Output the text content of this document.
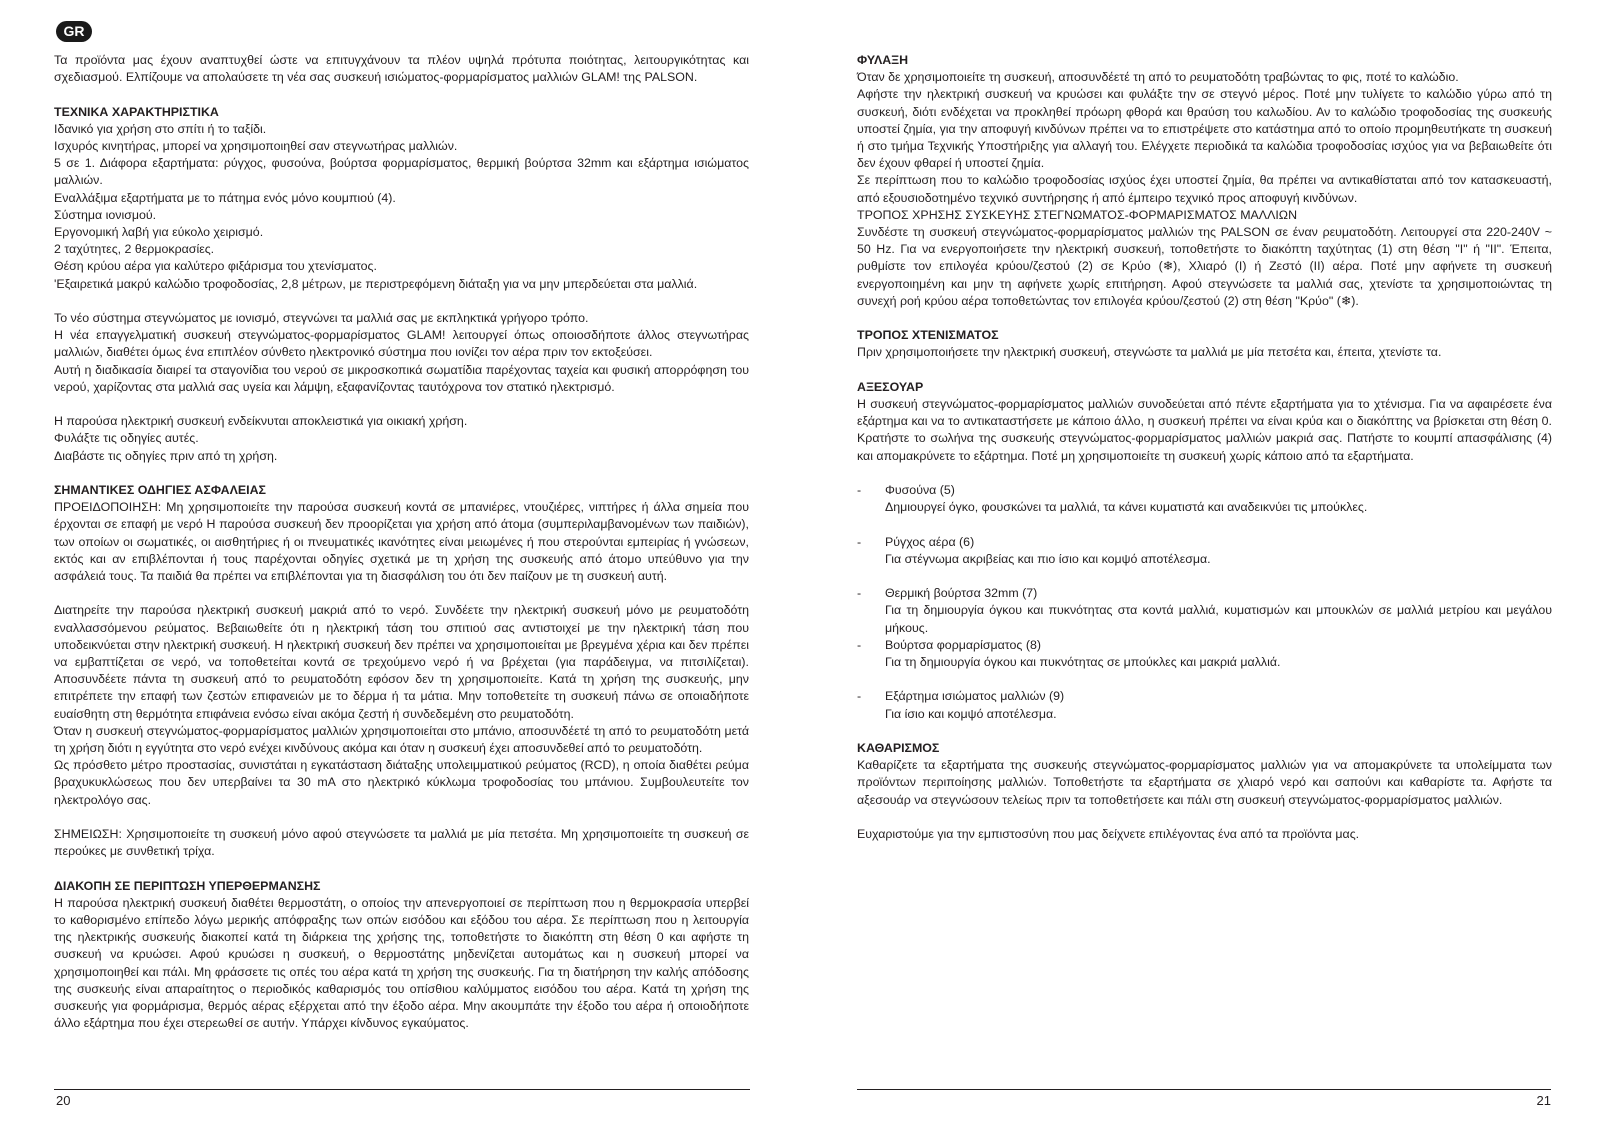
GR

Τα προϊόντα μας έχουν αναπτυχθεί ώστε να επιτυγχάνουν τα πλέον υψηλά πρότυπα ποιότητας, λειτουργικότητας και σχεδιασμού. Ελπίζουμε να απολαύσετε τη νέα σας συσκευή ισιώματος-φορμαρίσματος μαλλιών GLAM! της PALSON.

ΤΕΧΝΙΚΑ ΧΑΡΑΚΤΗΡΙΣΤΙΚΑ

Ιδανικό για χρήση στο σπίτι ή το ταξίδι.

Ισχυρός κινητήρας, μπορεί να χρησιμοποιηθεί σαν στεγνωτήρας μαλλιών.

5 σε 1. Διάφορα εξαρτήματα: ρύγχος, φυσούνα, βούρτσα φορμαρίσματος, θερμική βούρτσα 32mm και εξάρτημα ισιώματος μαλλιών.

Εναλλάξιμα εξαρτήματα με το πάτημα ενός μόνο κουμπιού (4).

Σύστημα ιονισμού.

Εργονομική λαβή για εύκολο χειρισμό.

2 ταχύτητες, 2 θερμοκρασίες.

Θέση κρύου αέρα για καλύτερο φιξάρισμα του χτενίσματος.

'Εξαιρετικά μακρύ καλώδιο τροφοδοσίας, 2,8 μέτρων, με περιστρεφόμενη διάταξη για να μην μπερδεύεται στα μαλλιά.

Το νέο σύστημα στεγνώματος με ιονισμό, στεγνώνει τα μαλλιά σας με εκπληκτικά γρήγορο τρόπο.

Η νέα επαγγελματική συσκευή στεγνώματος-φορμαρίσματος GLAM! λειτουργεί όπως οποιοσδήποτε άλλος στεγνωτήρας μαλλιών, διαθέτει όμως ένα επιπλέον σύνθετο ηλεκτρονικό σύστημα που ιονίζει τον αέρα πριν τον εκτοξεύσει.

Αυτή η διαδικασία διαιρεί τα σταγονίδια του νερού σε μικροσκοπικά σωματίδια παρέχοντας ταχεία και φυσική απορρόφηση του νερού, χαρίζοντας στα μαλλιά σας υγεία και λάμψη, εξαφανίζοντας ταυτόχρονα τον στατικό ηλεκτρισμό.

Η παρούσα ηλεκτρική συσκευή ενδείκνυται αποκλειστικά για οικιακή χρήση.

Φυλάξτε τις οδηγίες αυτές.

Διαβάστε τις οδηγίες πριν από τη χρήση.

ΣΗΜΑΝΤΙΚΕΣ ΟΔΗΓΙΕΣ ΑΣΦΑΛΕΙΑΣ

ΠΡΟΕΙΔΟΠΟΙΗΣΗ: Μη χρησιμοποιείτε την παρούσα συσκευή κοντά σε μπανιέρες, ντουζιέρες, νιπτήρες ή άλλα σημεία που έρχονται σε επαφή με νερό Η παρούσα συσκευή δεν προορίζεται για χρήση από άτομα (συμπεριλαμβανομένων των παιδιών), των οποίων οι σωματικές, οι αισθητήριες ή οι πνευματικές ικανότητες είναι μειωμένες ή που στερούνται εμπειρίας ή γνώσεων, εκτός και αν επιβλέπονται ή τους παρέχονται οδηγίες σχετικά με τη χρήση της συσκευής από άτομο υπεύθυνο για την ασφάλειά τους. Τα παιδιά θα πρέπει να επιβλέπονται για τη διασφάλιση του ότι δεν παίζουν με τη συσκευή αυτή.

Διατηρείτε την παρούσα ηλεκτρική συσκευή μακριά από το νερό. Συνδέετε την ηλεκτρική συσκευή μόνο με ρευματοδότη εναλλασσόμενου ρεύματος. Βεβαιωθείτε ότι η ηλεκτρική τάση του σπιτιού σας αντιστοιχεί με την ηλεκτρική τάση που υποδεικνύεται στην ηλεκτρική συσκευή. Η ηλεκτρική συσκευή δεν πρέπει να χρησιμοποιείται με βρεγμένα χέρια και δεν πρέπει να εμβαπτίζεται σε νερό, να τοποθετείται κοντά σε τρεχούμενο νερό ή να βρέχεται (για παράδειγμα, να πιτσιλίζεται). Αποσυνδέετε πάντα τη συσκευή από το ρευματοδότη εφόσον δεν τη χρησιμοποιείτε. Κατά τη χρήση της συσκευής, μην επιτρέπετε την επαφή των ζεστών επιφανειών με το δέρμα ή τα μάτια. Μην τοποθετείτε τη συσκευή πάνω σε οποιαδήποτε ευαίσθητη στη θερμότητα επιφάνεια ενόσω είναι ακόμα ζεστή ή συνδεδεμένη στο ρευματοδότη.

Όταν η συσκευή στεγνώματος-φορμαρίσματος μαλλιών χρησιμοποιείται στο μπάνιο, αποσυνδέετέ τη από το ρευματοδότη μετά τη χρήση διότι η εγγύτητα στο νερό ενέχει κινδύνους ακόμα και όταν η συσκευή έχει αποσυνδεθεί από το ρευματοδότη.

Ως πρόσθετο μέτρο προστασίας, συνιστάται η εγκατάσταση διάταξης υπολειμματικού ρεύματος (RCD), η οποία διαθέτει ρεύμα βραχυκυκλώσεως που δεν υπερβαίνει τα 30 mA στο ηλεκτρικό κύκλωμα τροφοδοσίας του μπάνιου. Συμβουλευτείτε τον ηλεκτρολόγο σας.

ΣΗΜΕΙΩΣΗ: Χρησιμοποιείτε τη συσκευή μόνο αφού στεγνώσετε τα μαλλιά με μία πετσέτα. Μη χρησιμοποιείτε τη συσκευή σε περούκες με συνθετική τρίχα.

ΔΙΑΚΟΠΗ ΣΕ ΠΕΡΙΠΤΩΣΗ ΥΠΕΡΘΕΡΜΑΝΣΗΣ

Η παρούσα ηλεκτρική συσκευή διαθέτει θερμοστάτη, ο οποίος την απενεργοποιεί σε περίπτωση που η θερμοκρασία υπερβεί το καθορισμένο επίπεδο λόγω μερικής απόφραξης των οπών εισόδου και εξόδου του αέρα. Σε περίπτωση που η λειτουργία της ηλεκτρικής συσκευής διακοπεί κατά τη διάρκεια της χρήσης της, τοποθετήστε το διακόπτη στη θέση 0 και αφήστε τη συσκευή να κρυώσει. Αφού κρυώσει η συσκευή, ο θερμοστάτης μηδενίζεται αυτομάτως και η συσκευή μπορεί να χρησιμοποιηθεί και πάλι. Μη φράσσετε τις οπές του αέρα κατά τη χρήση της συσκευής. Για τη διατήρηση την καλής απόδοσης της συσκευής είναι απαραίτητος ο περιοδικός καθαρισμός του οπίσθιου καλύμματος εισόδου του αέρα. Κατά τη χρήση της συσκευής για φορμάρισμα, θερμός αέρας εξέρχεται από την έξοδο αέρα. Μην ακουμπάτε την έξοδο του αέρα ή οποιοδήποτε άλλο εξάρτημα που έχει στερεωθεί σε αυτήν. Υπάρχει κίνδυνος εγκαύματος.

20
ΦΥΛΑΞΗ

Όταν δε χρησιμοποιείτε τη συσκευή, αποσυνδέετέ τη από το ρευματοδότη τραβώντας το φις, ποτέ το καλώδιο.

Αφήστε την ηλεκτρική συσκευή να κρυώσει και φυλάξτε την σε στεγνό μέρος. Ποτέ μην τυλίγετε το καλώδιο γύρω από τη συσκευή, διότι ενδέχεται να προκληθεί πρόωρη φθορά και θραύση του καλωδίου. Αν το καλώδιο τροφοδοσίας της συσκευής υποστεί ζημία, για την αποφυγή κινδύνων πρέπει να το επιστρέψετε στο κατάστημα από το οποίο προμηθευτήκατε τη συσκευή ή στο τμήμα Τεχνικής Υποστήριξης για αλλαγή του. Ελέγχετε περιοδικά τα καλώδια τροφοδοσίας ισχύος για να βεβαιωθείτε ότι δεν έχουν φθαρεί ή υποστεί ζημία.

Σε περίπτωση που το καλώδιο τροφοδοσίας ισχύος έχει υποστεί ζημία, θα πρέπει να αντικαθίσταται από τον κατασκευαστή, από εξουσιοδοτημένο τεχνικό συντήρησης ή από έμπειρο τεχνικό προς αποφυγή κινδύνων.

ΤΡΟΠΟΣ ΧΡΗΣΗΣ ΣΥΣΚΕΥΗΣ ΣΤΕΓΝΩΜΑΤΟΣ-ΦΟΡΜΑΡΙΣΜΑΤΟΣ ΜΑΛΛΙΩΝ

Συνδέστε τη συσκευή στεγνώματος-φορμαρίσματος μαλλιών της PALSON σε έναν ρευματοδότη. Λειτουργεί στα 220-240V ~ 50 Hz. Για να ενεργοποιήσετε την ηλεκτρική συσκευή, τοποθετήστε το διακόπτη ταχύτητας (1) στη θέση "I" ή "II". Έπειτα, ρυθμίστε τον επιλογέα κρύου/ζεστού (2) σε Κρύο (❄), Χλιαρό (I) ή Ζεστό (II) αέρα. Ποτέ μην αφήνετε τη συσκευή ενεργοποιημένη και μην τη αφήνετε χωρίς επιτήρηση. Αφού στεγνώσετε τα μαλλιά σας, χτενίστε τα χρησιμοποιώντας τη συνεχή ροή κρύου αέρα τοποθετώντας τον επιλογέα κρύου/ζεστού (2) στη θέση "Κρύο" (❄).

ΤΡΟΠΟΣ ΧΤΕΝΙΣΜΑΤΟΣ

Πριν χρησιμοποιήσετε την ηλεκτρική συσκευή, στεγνώστε τα μαλλιά με μία πετσέτα και, έπειτα, χτενίστε τα.

ΑΞΕΣΟΥΑΡ

Η συσκευή στεγνώματος-φορμαρίσματος μαλλιών συνοδεύεται από πέντε εξαρτήματα για το χτένισμα. Για να αφαιρέσετε ένα εξάρτημα και να το αντικαταστήσετε με κάποιο άλλο, η συσκευή πρέπει να είναι κρύα και ο διακόπτης να βρίσκεται στη θέση 0. Κρατήστε το σωλήνα της συσκευής στεγνώματος-φορμαρίσματος μαλλιών μακριά σας. Πατήστε το κουμπί απασφάλισης (4) και απομακρύνετε το εξάρτημα. Ποτέ μη χρησιμοποιείτε τη συσκευή χωρίς κάποιο από τα εξαρτήματα.

-	Φυσούνα (5)

Δημιουργεί όγκο, φουσκώνει τα μαλλιά, τα κάνει κυματιστά και αναδεικνύει τις μπούκλες.

-	Ρύγχος αέρα (6)

Για στέγνωμα ακριβείας και πιο ίσιο και κομψό αποτέλεσμα.

-	Θερμική βούρτσα 32mm (7)

Για τη δημιουργία όγκου και πυκνότητας στα κοντά μαλλιά, κυματισμών και μπουκλών σε μαλλιά μετρίου και μεγάλου μήκους.

-	Βούρτσα φορμαρίσματος (8)

Για τη δημιουργία όγκου και πυκνότητας σε μπούκλες και μακριά μαλλιά.

-	Εξάρτημα ισιώματος μαλλιών (9)

Για ίσιο και κομψό αποτέλεσμα.

ΚΑΘΑΡΙΣΜΟΣ

Καθαρίζετε τα εξαρτήματα της συσκευής στεγνώματος-φορμαρίσματος μαλλιών για να απομακρύνετε τα υπολείμματα των προϊόντων περιποίησης μαλλιών. Τοποθετήστε τα εξαρτήματα σε χλιαρό νερό και σαπούνι και καθαρίστε τα. Αφήστε τα αξεσουάρ να στεγνώσουν τελείως πριν τα τοποθετήσετε και πάλι στη συσκευή στεγνώματος-φορμαρίσματος μαλλιών.

Ευχαριστούμε για την εμπιστοσύνη που μας δείχνετε επιλέγοντας ένα από τα προϊόντα μας.

21
